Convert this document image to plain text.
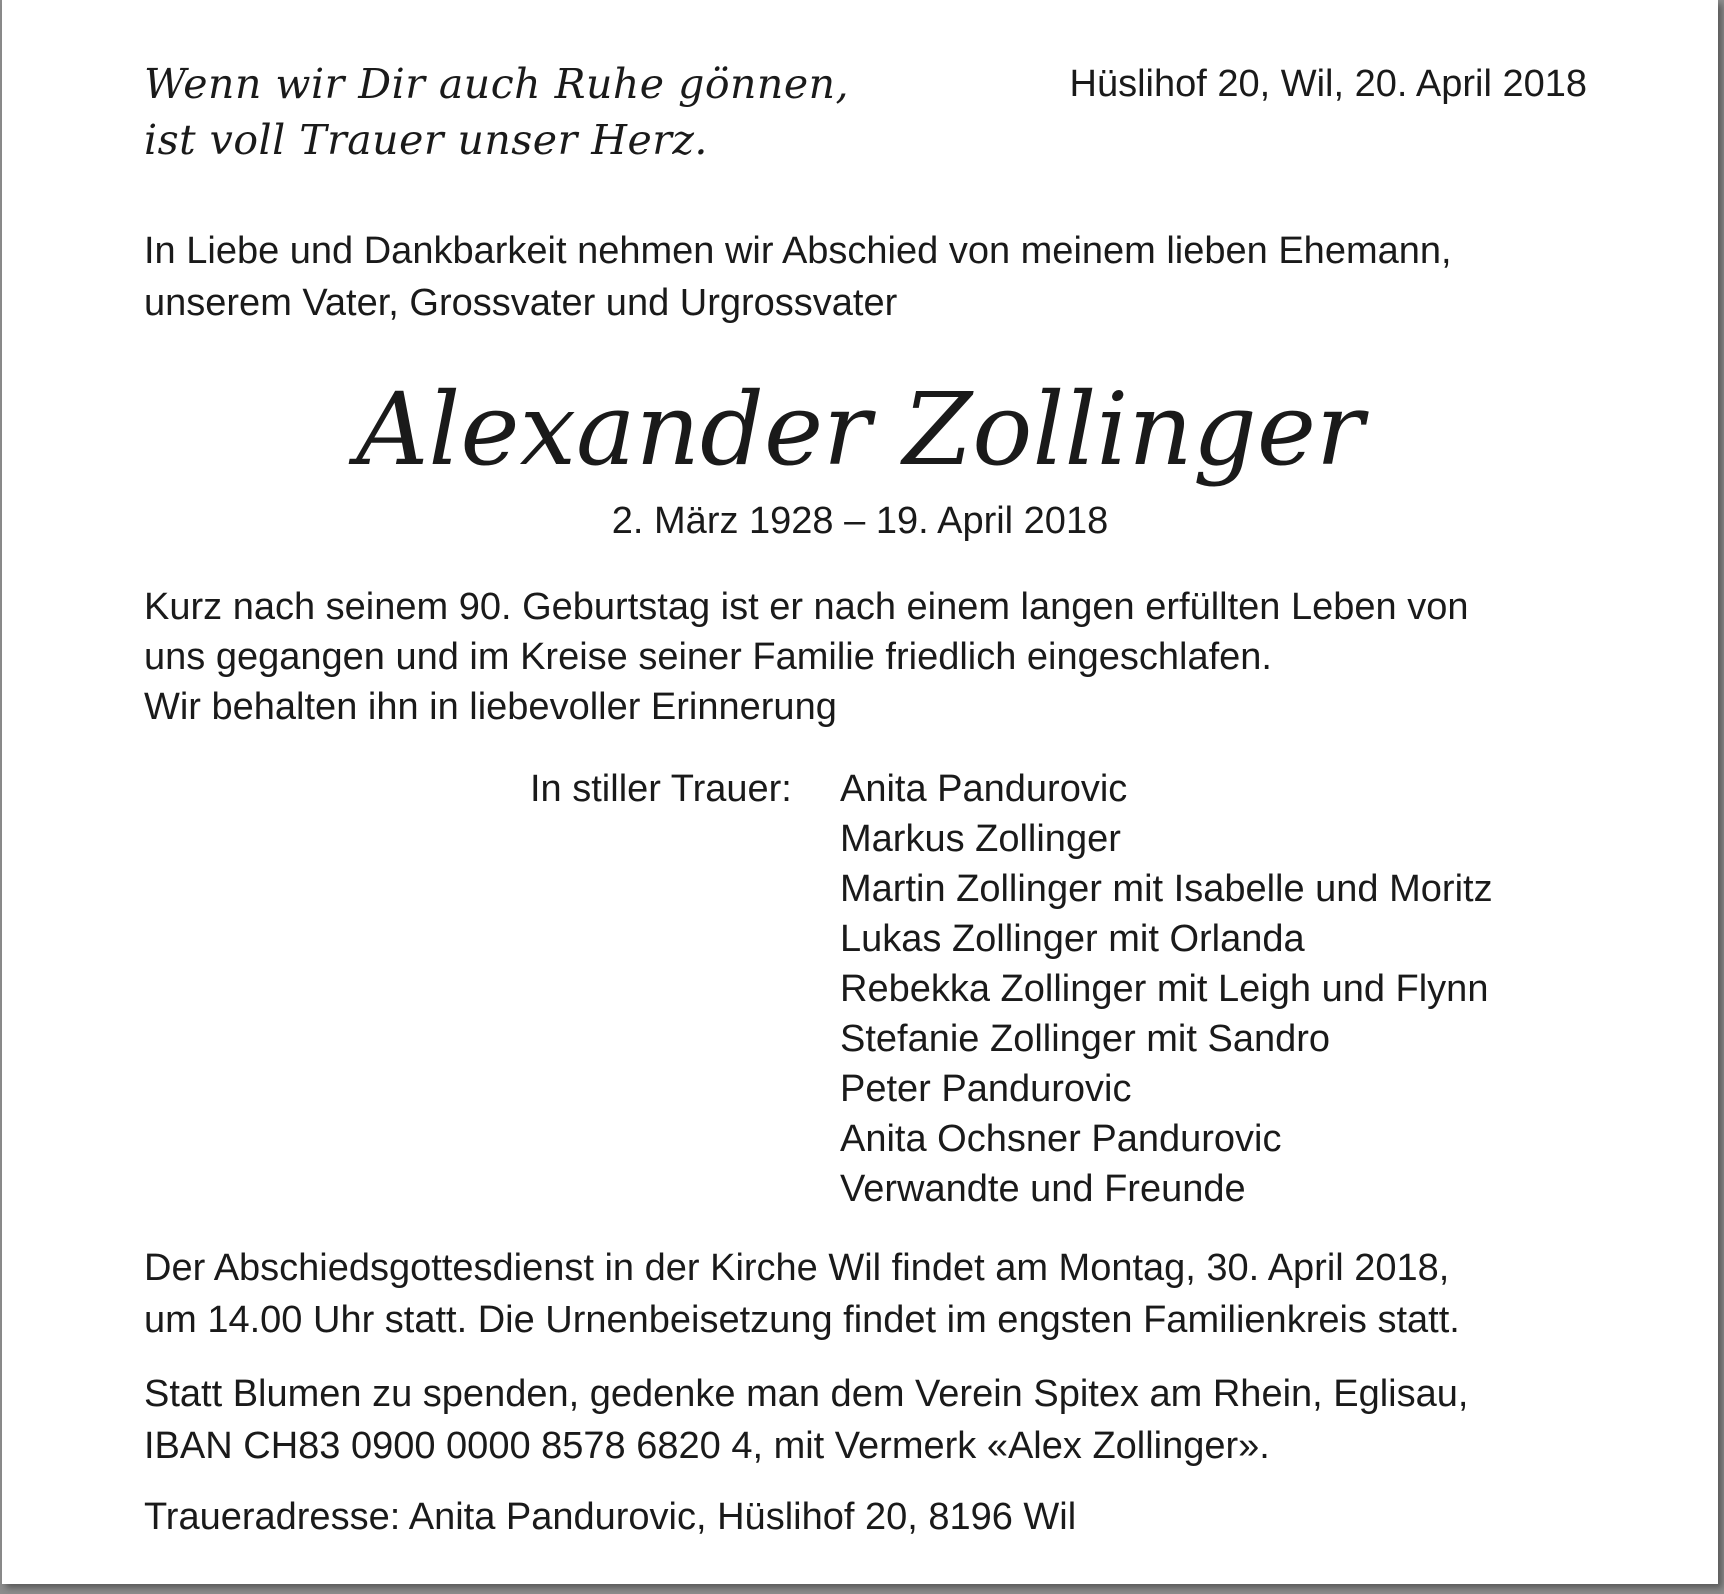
Wenn wir Dir auch Ruhe gönnen,
ist voll Trauer unser Herz.
Hüslihof 20, Wil, 20. April 2018
In Liebe und Dankbarkeit nehmen wir Abschied von meinem lieben Ehemann,
unserem Vater, Grossvater und Urgrossvater
Alexander Zollinger
2. März 1928 – 19. April 2018
Kurz nach seinem 90. Geburtstag ist er nach einem langen erfüllten Leben von
uns gegangen und im Kreise seiner Familie friedlich eingeschlafen.
Wir behalten ihn in liebevoller Erinnerung
In stiller Trauer: Anita Pandurovic
Markus Zollinger
Martin Zollinger mit Isabelle und Moritz
Lukas Zollinger mit Orlanda
Rebekka Zollinger mit Leigh und Flynn
Stefanie Zollinger mit Sandro
Peter Pandurovic
Anita Ochsner Pandurovic
Verwandte und Freunde
Der Abschiedsgottesdienst in der Kirche Wil findet am Montag, 30. April 2018,
um 14.00 Uhr statt. Die Urnenbeisetzung findet im engsten Familienkreis statt.
Statt Blumen zu spenden, gedenke man dem Verein Spitex am Rhein, Eglisau,
IBAN CH83 0900 0000 8578 6820 4, mit Vermerk «Alex Zollinger».
Traueradresse: Anita Pandurovic, Hüslihof 20, 8196 Wil
